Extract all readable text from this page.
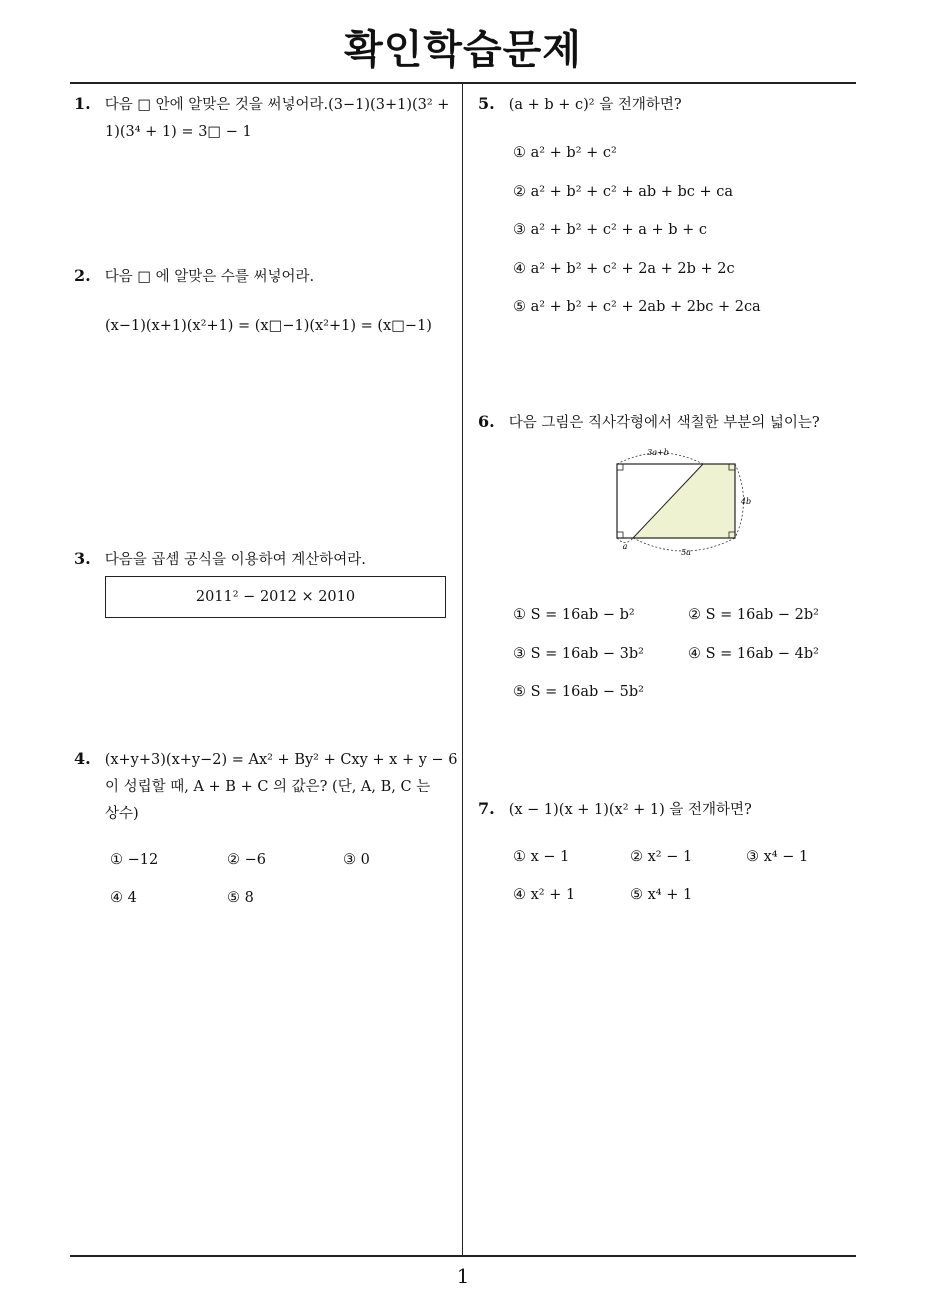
확인학습문제
1. 다음 □ 안에 알맞은 것을 써넣어라.(3−1)(3+1)(3² +
1)(3⁴ + 1) = 3□ − 1
2. 다음 □ 에 알맞은 수를 써넣어라.
(x−1)(x+1)(x²+1) = (x□−1)(x²+1) = (x□−1)
3. 다음을 곱셈 공식을 이용하여 계산하여라.
2011² − 2012 × 2010
4. (x+y+3)(x+y−2) = Ax² + By² + Cxy + x + y − 6
이 성립할 때, A + B + C 의 값은? (단, A, B, C 는
상수)
① −12	② −6	③ 0
④ 4	⑤ 8
5. (a + b + c)² 을 전개하면?
① a² + b² + c²
② a² + b² + c² + ab + bc + ca
③ a² + b² + c² + a + b + c
④ a² + b² + c² + 2a + 2b + 2c
⑤ a² + b² + c² + 2ab + 2bc + 2ca
6. 다음 그림은 직사각형에서 색칠한 부분의 넓이는?
3a+b
4b
a
5a
① S = 16ab − b²	② S = 16ab − 2b²
③ S = 16ab − 3b²	④ S = 16ab − 4b²
⑤ S = 16ab − 5b²
7. (x − 1)(x + 1)(x² + 1) 을 전개하면?
① x − 1	② x² − 1	③ x⁴ − 1
④ x² + 1	⑤ x⁴ + 1
1
